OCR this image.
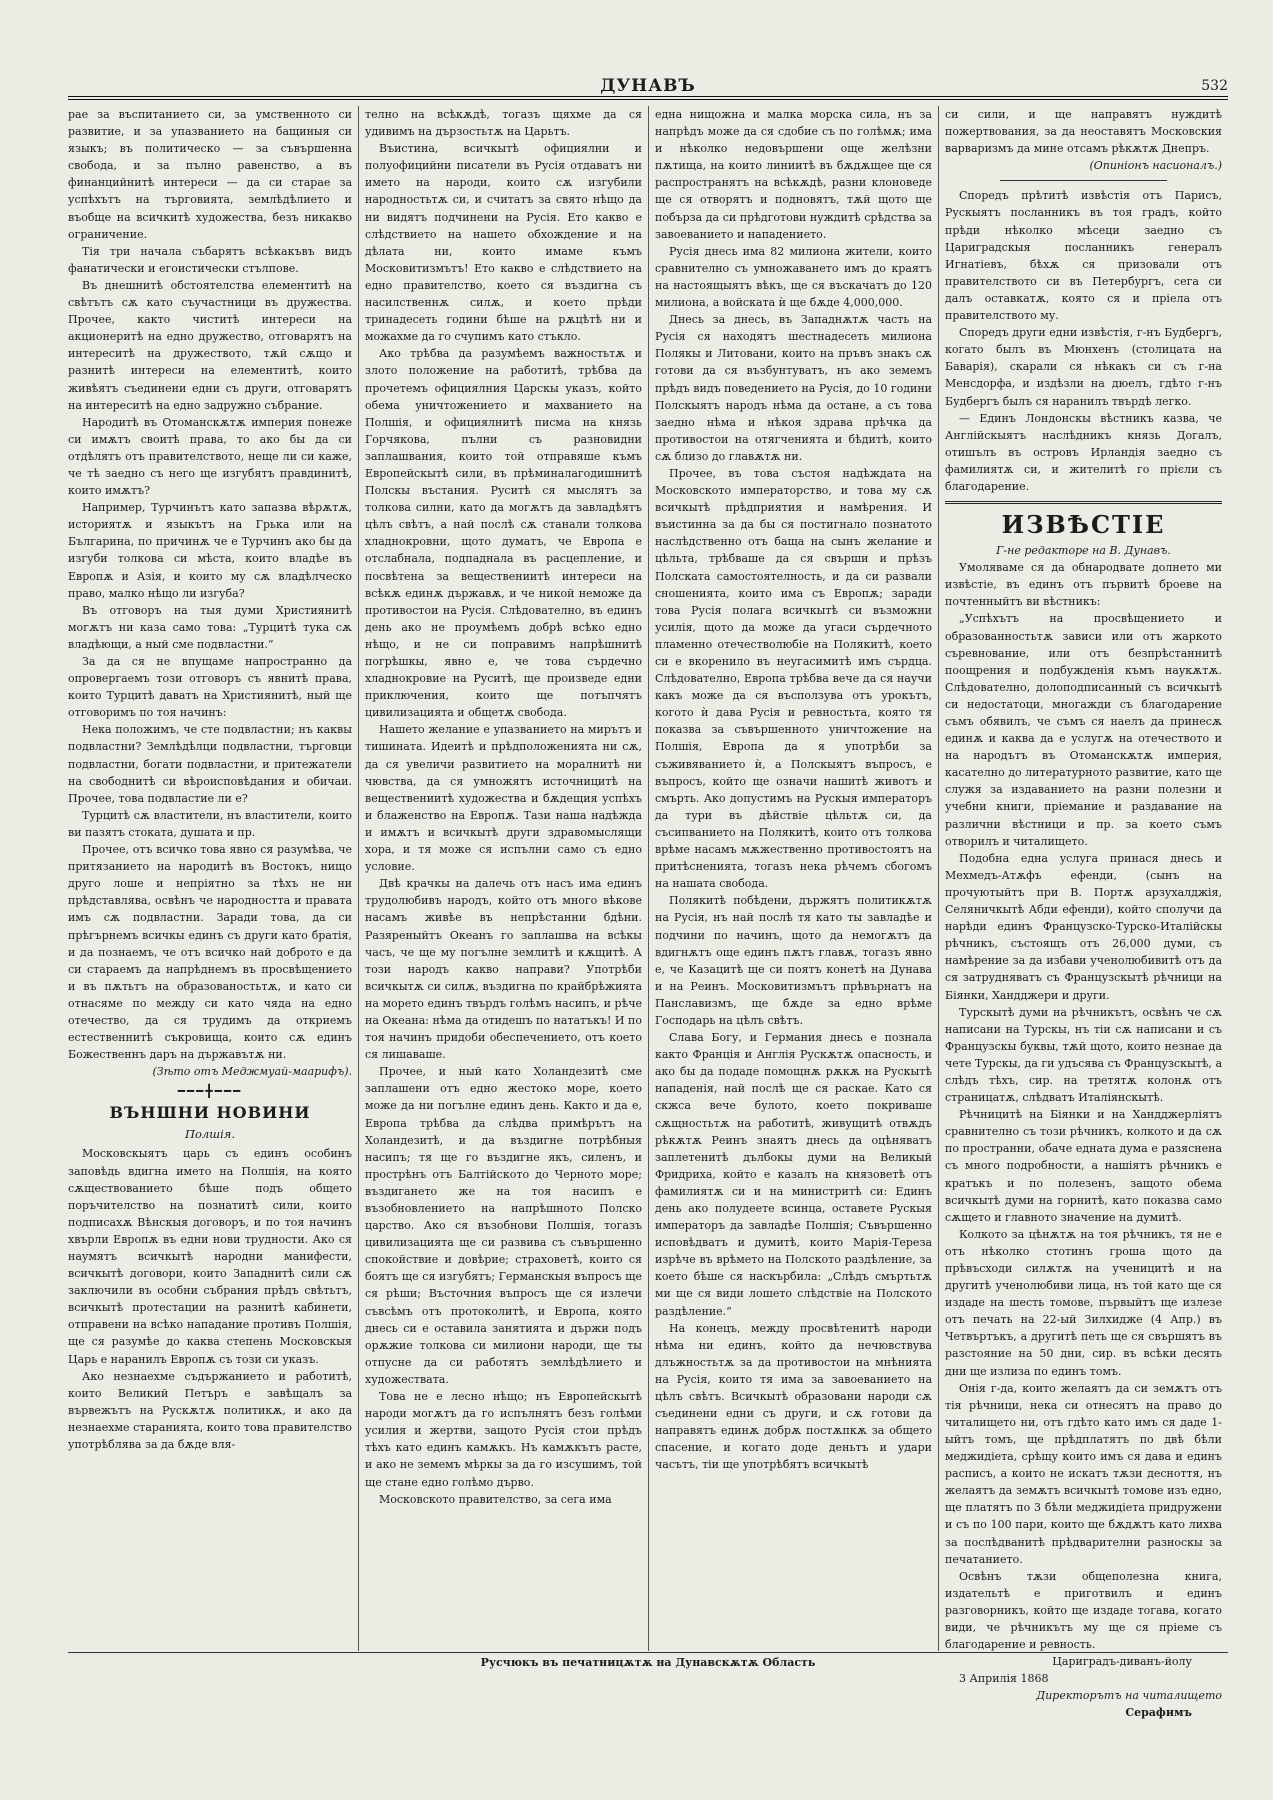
ДУНАВЪ	532

рае за въспитанието си, за умственното си развитие, и за упазванието на бащиныя си языкъ; въ политическо — за съвършенна свобода, и за пълно равенство, а въ финанцийнитѣ интереси — да си старае за успѣхътъ на търговията, землѣдѣлието и въобще на всичкитѣ художества, безъ никакво ограничение.

Тія три начала събарятъ всѣкакъвъ видъ фанатически и егоистически стълпове.

Въ днешнитѣ обстоятелства елементитѣ на свѣтътъ сѫ като съучастници въ дружества. Прочее, както чиститѣ интереси на акционеритѣ на едно дружество, отговарятъ на интереситѣ на дружеството, тѫй сѫщо и разнитѣ интереси на елементитѣ, които живѣятъ съединени едни съ други, отговарятъ на интереситѣ на едно задружно събрание.

Народитѣ въ Отоманскѫтѫ империя понеже си имѫтъ своитѣ права, то ако бы да си отдѣлятъ отъ правителството, неще ли си каже, че тѣ заедно съ него ще изгубятъ правдинитѣ, които имѫтъ?

Например, Турчинътъ като запазва вѣрѫтѫ, историятѫ и языкътъ на Грька или на Българина, по причинѫ че е Турчинъ ако бы да изгуби толкова си мѣста, които владѣе въ Европѫ и Азія, и които му сѫ владѣлческо право, малко нѣщо ли изгуба?

Въ отговоръ на тыя думи Християнитѣ могѫтъ ни каза само това: „Турцитѣ тука сѫ владѣющи, а ный сме подвластни.“

За да ся не впущаме напространно да опровергаемъ този отговоръ съ явнитѣ права, които Турцитѣ даватъ на Християнитѣ, ный ще отговоримъ по тоя начинъ:

Нека положимъ, че сте подвластни; нъ каквы подвластни? Землѣдѣлци подвластни, търговци подвластни, богати подвластни, и притежатели на свободнитѣ си вѣроисповѣдания и обичаи. Прочее, това подвластие ли е?

Турцитѣ сѫ властители, нъ властители, които ви пазятъ стоката, душата и пр.

Прочее, отъ всичко това явно ся разумѣва, че притязанието на народитѣ въ Востокъ, нищо друго лоше и непріятно за тѣхъ не ни прѣдставлява, освѣнъ че народността и правата имъ сѫ подвластни. Заради това, да си прѣгърнемъ всичкы единъ съ други като братія, и да познаемъ, че отъ всичко най доброто е да си стараемъ да напрѣднемъ въ просвѣщението и въ пѫтьтъ на образованостьтѫ, и като си отнасяме по между си като чяда на едно отечество, да ся трудимъ да откриемъ естественнитѣ съкровища, които сѫ единъ Божественнъ даръ на държавътѫ ни.

(Зѣто отъ Меджмуай-маарифъ).
━━━╋━━━
ВЪНШНИ НОВИНИ
Полшія.

Московскыятъ царь съ единъ особинъ заповѣдь вдигна името на Полшія, на която сѫществованието бѣше подъ общето поръчителство на познатитѣ сили, които подписахѫ Вѣнскыя договоръ, и по тоя начинъ хвърли Европѫ въ едни нови трудности. Ако ся наумятъ всичкытѣ народни манифести, всичкытѣ договори, които Западнитѣ сили сѫ заключили въ особни събрания прѣдъ свѣтьтъ, всичкытѣ протестации на разнитѣ кабинети, отправени на всѣко нападание противъ Полшія, ще ся разумѣе до каква степень Московскыя Царь е наранилъ Европѫ съ този си указъ.

Ако незнаехме съдържанието и работитѣ, които Великий Петъръ е завѣщалъ за вървежътъ на Рускѫтѫ политикѫ, и ако да незнаехме старанията, които това правителство употрѣблява за да бѫде вля-

телно на всѣкѫдѣ, тогазъ щяхме да ся удивимъ на дързостьтѫ на Царьтъ.

Въистина, всичкытѣ официялни и полуофицийни писатели въ Русія отдаватъ ни името на народи, които сѫ изгубили народностьтѫ си, и считатъ за свято нѣщо да ни видятъ подчинени на Русія. Ето какво е слѣдствието на нашето обхождение и на дѣлата ни, които имаме къмъ Московитизмътъ! Ето какво е слѣдствието на едно правителство, което ся въздигна съ насилственнѫ силѫ, и което прѣди тринадесеть години бѣше на рѫцѣтѣ ни и можахме да го счупимъ като стъкло.

Ако трѣбва да разумѣемъ важностьтѫ и злото положение на работитѣ, трѣбва да прочетемъ официялния Царскы указъ, който обема уничтожението и махванието на Полшія, и официялнитѣ писма на князь Горчякова, пълни съ разновидни заплашвания, които той отправяше къмъ Европейскытѣ сили, въ прѣминалагодишнитѣ Полскы въстания. Руситѣ ся мыслятъ за толкова силни, като да могѫтъ да завладѣятъ цѣлъ свѣтъ, а най послѣ сѫ станали толкова хладнокровни, щото думатъ, че Европа е отслабнала, подпаднала въ расцепление, и посвѣтена за веществениитѣ интереси на всѣкѫ единѫ държавѫ, и че никой неможе да противостои на Русія. Слѣдователно, въ единъ день ако не проумѣемъ добрѣ всѣко едно нѣщо, и не си поправимъ напрѣшнитѣ погрѣшкы, явно е, че това сърдечно хладнокровие на Руситѣ, ще произведе едни приключения, които ще потъпчятъ цивилизацията и общетѫ свобода.

Нашето желание е упазванието на мирътъ и тишината. Идеитѣ и прѣдположенията ни сѫ, да ся увеличи развитието на моралнитѣ ни чювства, да ся умножятъ источницитѣ на веществениитѣ художества и бѫдещия успѣхъ и блаженство на Европѫ. Тази наша надѣжда и имѫтъ и всичкытѣ други здравомыслящи хора, и тя може ся испълни само съ едно условие.

Двѣ крачкы на далечь отъ насъ има единъ трудолюбивъ народъ, който отъ много вѣкове насамъ живѣе въ непрѣстанни бдѣни. Разяреныйтъ Океанъ го заплашва на всѣкы часъ, че ще му погълне землитѣ и кѫщитѣ. А този народъ какво направи? Употрѣби всичкытѫ си силѫ, въздигна по крайбрѣжията на морето единъ твърдъ голѣмъ насипъ, и рѣче на Океана: нѣма да отидешъ по нататъкъ! И по тоя начинъ придоби обеспечението, отъ което ся лишаваше.

Прочее, и ный като Холандезитѣ сме заплашени отъ едно жестоко море, което може да ни погълне единъ день. Както и да е, Европа трѣбва да слѣдва примѣрътъ на Холандезитѣ, и да въздигне потрѣбныя насипъ; тя ще го въздигне якъ, силенъ, и прострѣнъ отъ Балтійското до Черното море; въздигането же на тоя насипъ е възобновлението на напрѣшното Полско царство. Ако ся възобнови Полшія, тогазъ цивилизацията ще си развива съ съвършенно спокойствие и довѣрие; страховетѣ, които ся боятъ ще ся изгубятъ; Германскыя въпросъ ще ся рѣши; Въсточния въпросъ ще ся излечи съвсѣмъ отъ протоколитѣ, и Европа, която днесь си е оставила занятията и държи подъ орѫжие толкова си милиони народи, ще ты отпусне да си работятъ землѣдѣлието и художествата.

Това не е лесно нѣщо; нъ Европейскытѣ народи могѫтъ да го испълнятъ безъ голѣми усилия и жертви, защото Русія стои прѣдъ тѣхъ като единъ камѫкъ. Нъ камѫкътъ расте, и ако не земемъ мѣркы за да го изсушимъ, той ще стане едно голѣмо дърво.

Московското правителство, за сега има

една нищожна и малка морска сила, нъ за напрѣдъ може да ся сдобие съ по голѣмѫ; има и нѣколко недовършени още желѣзни пѫтища, на които линиитѣ въ бѫдѫщее ще ся распространятъ на всѣкѫдѣ, разни клоноведе ще ся отворятъ и подновятъ, тѫй щото ще побърза да си прѣдготови нуждитѣ срѣдства за завоеванието и нападението.

Русія днесь има 82 милиона жители, които сравнително съ умножаването имъ до краятъ на настоящыятъ вѣкъ, ще ся въскачатъ до 120 милиона, а войската ѝ ще бѫде 4,000,000.

Днесь за днесь, въ Западнѫтѫ часть на Русія ся находятъ шестнадесеть милиона Полякы и Литовани, които на пръвъ знакъ сѫ готови да ся възбунтуватъ, нъ ако земемъ прѣдъ видъ поведението на Русія, до 10 години Полскыятъ народъ нѣма да остане, а съ това заедно нѣма и нѣкоя здрава прѣчка да противостои на отягченията и бѣдитѣ, които сѫ близо до главѫтѫ ни.

Прочее, въ това състоя надѣждата на Московското императорство, и това му сѫ всичкытѣ прѣдприятия и намѣрения. И въистинна за да бы ся постигнало познатото наслѣдственно отъ баща на сынъ желание и цѣльта, трѣбваше да ся свърши и прѣзъ Полската самостоятелность, и да си развали сношенията, които има съ Европѫ; заради това Русія полага всичкытѣ си възможни усилія, щото да може да угаси сърдечното пламенно отечестволюбіе на Полякитѣ, което си е вкоренило въ неугасимитѣ имъ сърдца. Слѣдователно, Европа трѣбва вече да ся научи какъ може да ся въсползува отъ урокътъ, когото ѝ дава Русія и ревностьта, която тя показва за съвършенното уничтожение на Полшія, Европа да я употрѣби за съживяванието ѝ, а Полскыятъ въпросъ, е въпросъ, който ще означи нашитѣ животъ и смърть. Ако допустимъ на Рускыя императоръ да тури въ дѣйствіе цѣльтѫ си, да съсипванието на Полякитѣ, които отъ толкова врѣме насамъ мѫжественно противостоятъ на притѣсненията, тогазъ нека рѣчемъ сбогомъ на нашата свобода.

Полякитѣ побѣдени, държятъ политикѫтѫ на Русія, нъ най послѣ тя като ты завладѣе и подчини по начинъ, щото да немогѫтъ да вдигнѫтъ още единъ пѫтъ главѫ, тогазъ явно е, че Казацитѣ ще си поятъ конетѣ на Дунава и на Реинъ. Московитизмътъ прѣвърнатъ на Панславизмъ, ще бѫде за едно врѣме Господарь на цѣлъ свѣтъ.

Слава Богу, и Германия днесь е познала както Франція и Англія Рускѫтѫ опасность, и ако бы да подаде помощнѫ рѫкѫ на Рускытѣ нападенія, най послѣ ще ся раскае. Като ся скжса вече булото, което покриваше сѫщностьтѫ на работитѣ, живущитѣ отвѫдъ рѣкѫтѫ Реинъ знаятъ днесь да оцѣняватъ заплетенитѣ дълбокы думи на Великый Фридриха, който е казалъ на князоветѣ отъ фамилиятѫ си и на министритѣ си: Единъ день ако полудеете всинца, оставете Рускыя императоръ да завладѣе Полшія; Съвършенно исповѣдватъ и думитѣ, които Марія-Тереза изрѣче въ врѣмето на Полското раздѣление, за което бѣше ся наскърбила: „Слѣдъ смъртьтѫ ми ще ся види лошето слѣдствіе на Полското раздѣление.“

На конецъ, между просвѣтенитѣ народи нѣма ни единъ, който да нечювствува длъжностьтѫ за да противостои на мнѣнията на Русія, които тя има за завоеванието на цѣлъ свѣтъ. Всичкытѣ образовани народи сѫ съединени едни съ други, и сѫ готови да направятъ единѫ добрѫ постѫпкѫ за общето спасение, и когато доде деньтъ и удари часътъ, тіи ще употрѣбятъ всичкытѣ

си сили, и ще направятъ нуждитѣ пожертвования, за да неоставятъ Московския варваризмъ да мине отсамъ рѣкѫтѫ Днепръ.

(Опинiонъ насионалъ.)

Споредъ прѣтитѣ извѣстія отъ Парисъ, Рускыятъ посланникъ въ тоя градъ, който прѣди нѣколко мѣсеци заедно съ Цариградскыя посланникъ генералъ Игнатіевъ, бѣхѫ ся призовали отъ правителството си въ Петербургъ, сега си далъ оставкатѫ, която ся и пріела отъ правителството му.

Споредъ други едни извѣстія, г-нъ Будбергъ, когато былъ въ Мюнхенъ (столицата на Баварія), скарали ся нѣкакъ си съ г-на Менсдорфа, и издѣзли на дюелъ, гдѣто г-нъ Будбергъ былъ ся наранилъ твърдѣ легко.

— Единъ Лондонскы вѣстникъ казва, че Англійскыятъ наслѣдникъ князь Догалъ, отишълъ въ островъ Ирландія заедно съ фамилиятѫ си, и жителитѣ го прієли съ благодарение.

ИЗВѢСТІЕ

Г-не редакторе на В. Дунавъ.

Умоляваме ся да обнародвате долнето ми извѣстіе, въ единъ отъ първитѣ броеве на почтенныйтъ ви вѣстникъ:

„Успѣхътъ на просвѣщението и образованностьтѫ зависи или отъ жаркото съревнование, или отъ безпрѣстаннитѣ поощрения и подбужденія къмъ наукѫтѫ. Слѣдователно, долоподписанный съ всичкытѣ си недостатоци, многажди съ благодарение съмъ обявилъ, че съмъ ся наелъ да принесѫ единѫ и каква да е услугѫ на отечеството и на народътъ въ Отоманскѫтѫ империя, касателно до литературното развитие, като ще служя за издаванието на разни полезни и учебни книги, прiемание и раздавание на различни вѣстници и пр. за което съмъ отворилъ и читалището.

Подобна една услуга принася днесь и Мехмедъ-Атѫфъ ефенди, (сынъ на прочуютыйтъ при В. Портѫ арзухалджія, Селяничкытѣ Абди ефенди), който сполучи да нарѣди единъ Французско-Турско-Италійскы рѣчникъ, състоящъ отъ 26,000 думи, съ намѣрение за да избави ученолюбивитѣ отъ да ся затрудняватъ съ Французскытѣ рѣчници на Біянки, Хандджери и други.

Турскытѣ думи на рѣчникътъ, освѣнъ че сѫ написани на Турскы, нъ тіи сѫ написани и съ Французскы буквы, тѫй щото, които незнае да чете Турскы, да ги удъсява съ Французскытѣ, а слѣдъ тѣхъ, сир. на третятѫ колонѫ отъ страницатѫ, слѣдватъ Италіянскытѣ.

Рѣчницитѣ на Біянки и на Хандджерліятъ сравнително съ този рѣчникъ, колкото и да сѫ по пространни, обаче едната дума е разяснена съ много подробности, а нашіятъ рѣчникъ е кратъкъ и по полезенъ, защото обема всичкытѣ думи на горнитѣ, като показва само сѫщето и главното значение на думитѣ.

Колкото за цѣнѫтѫ на тоя рѣчникъ, тя не е отъ нѣколко стотинъ гроша щото да прѣвъсходи силѫтѫ на ученицитѣ и на другитѣ ученолюбиви лица, нъ той като ще ся издаде на шесть томове, първыйтъ ще излезе отъ печать на 22-ый Зилхидже (4 Апр.) въ Четвъртъкъ, а другитѣ петь ще ся свършятъ въ разстояние на 50 дни, сир. въ всѣки десять дни ще излиза по единъ томъ.

Онія г-да, които желаятъ да си земѫтъ отъ тія рѣчници, нека си отнесятъ на право до читалището ни, отъ гдѣто като имъ ся даде 1-ыйтъ томъ, ще прѣдплатятъ по двѣ бѣли меджидіета, срѣщу които имъ ся дава и единъ расписъ, а които не искатъ тѫзи десноття, нъ желаятъ да земѫтъ всичкытѣ томове изъ едно, ще платятъ по 3 бѣли меджидіета придружени и съ по 100 пари, които ще бѫдѫтъ като лихва за послѣдванитѣ прѣдварителни разноскы за печатанието.

Освѣнъ тѫзи общеполезна книга, издательтѣ е приготвилъ и единъ разговорникъ, който ще издаде тогава, когато види, че рѣчникътъ му ще ся прiеме съ благодарение и ревность.

Цариградъ-диванъ-йолу
3 Априлія 1868
Директорътъ на читалището
Серафимъ
Русчюкъ въ печатницѫтѫ на Дунавскѫтѫ Область
